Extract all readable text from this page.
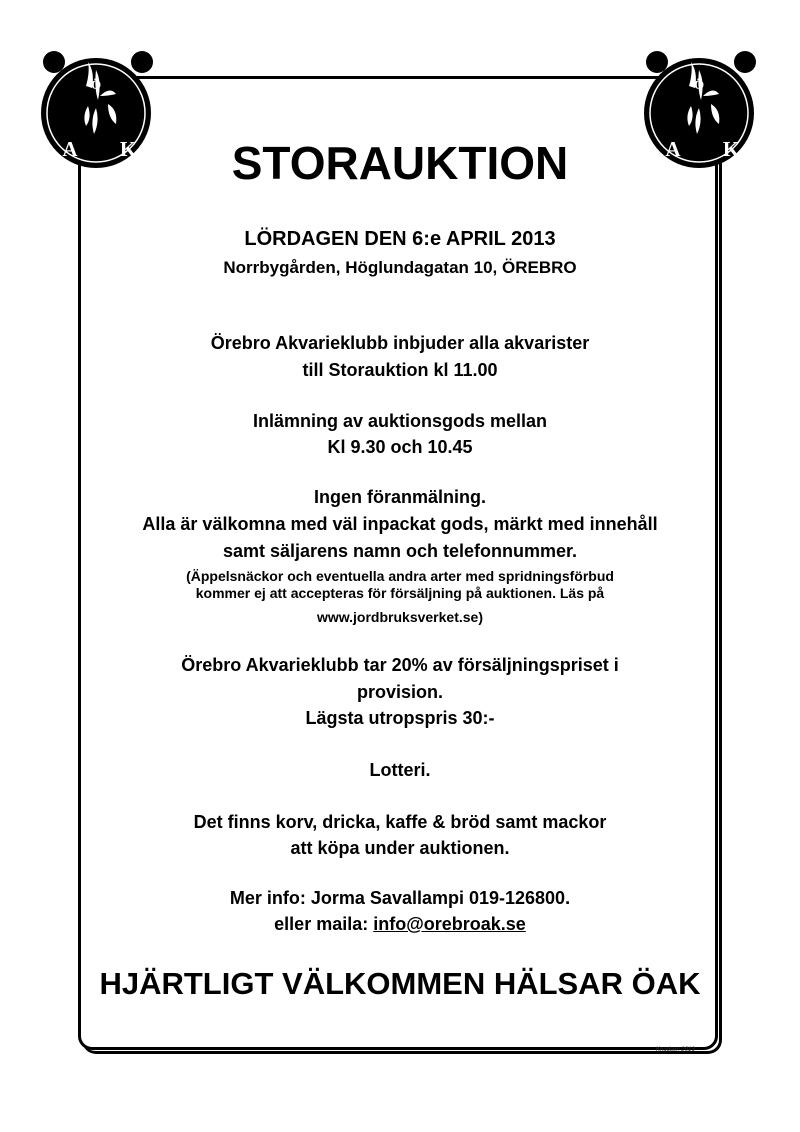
Ö
A K
Ö
A K
STORAUKTION
LÖRDAGEN DEN 6:e APRIL 2013
Norrbygården, Höglundagatan 10, ÖREBRO
Örebro Akvarieklubb inbjuder alla akvarister
till Storauktion kl 11.00
Inlämning av auktionsgods mellan
Kl 9.30 och 10.45
Ingen föranmälning.
Alla är välkomna med väl inpackat gods, märkt med innehåll
samt säljarens namn och telefonnummer.
(Äppelsnäckor och eventuella andra arter med spridningsförbud
kommer ej att accepteras för försäljning på auktionen. Läs på
www.jordbruksverket.se)
Örebro Akvarieklubb tar 20% av försäljningspriset i
provision.
Lägsta utropspris 30:-
Lotteri.
Det finns korv, dricka, kaffe & bröd samt mackor
att köpa under auktionen.
Mer info: Jorma Savallampi 019-126800.
eller maila: info@orebroak.se
HJÄRTLIGT VÄLKOMMEN HÄLSAR ÖAK
Knudsen 2013
